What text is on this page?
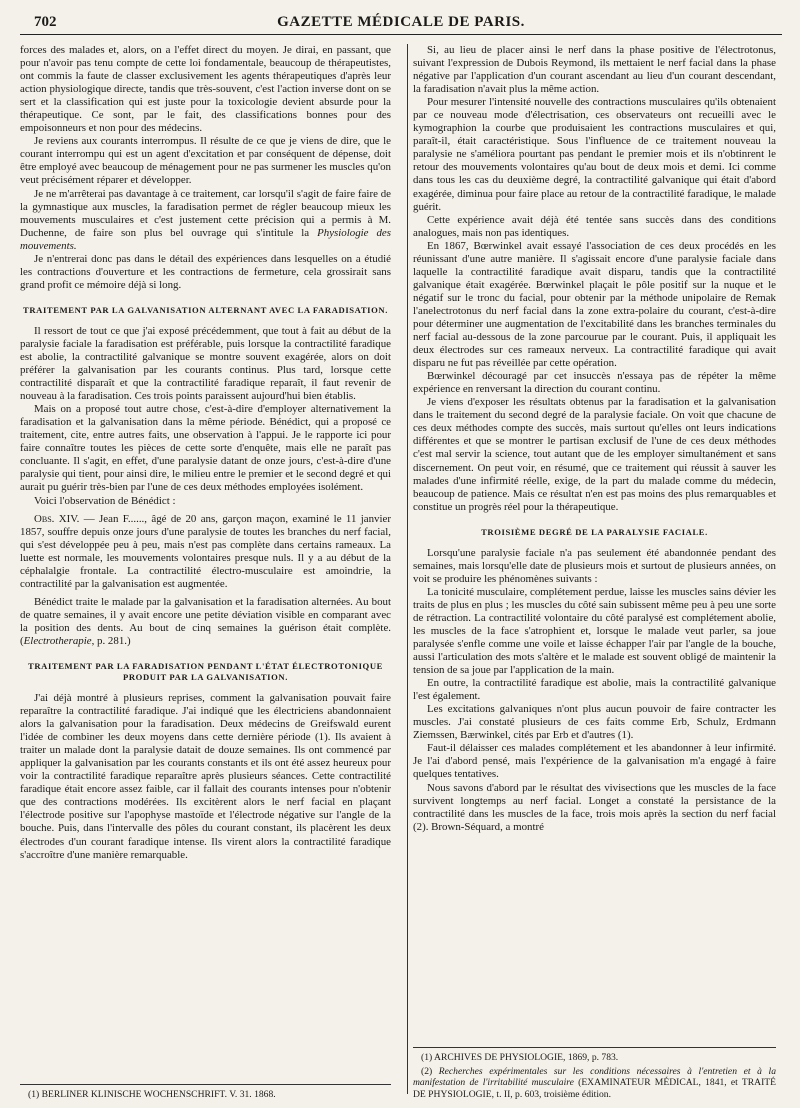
702	GAZETTE MÉDICALE DE PARIS.

forces des malades et, alors, on a l'effet direct du moyen. Je dirai, en passant, que pour n'avoir pas tenu compte de cette loi fondamentale, beaucoup de thérapeutistes, ont commis la faute de classer exclusivement les agents thérapeutiques d'après leur action physiologique directe, tandis que très-souvent, c'est l'action inverse dont on se sert et la classification qui est juste pour la toxicologie devient absurde pour la thérapeutique. Ce sont, par le fait, des classifications bonnes pour des empoisonneurs et non pour des médecins.

Je reviens aux courants interrompus. Il résulte de ce que je viens de dire, que le courant interrompu qui est un agent d'excitation et par conséquent de dépense, doit être employé avec beaucoup de ménagement pour ne pas surmener les muscles qu'on veut précisément réparer et développer.

Je ne m'arrêterai pas davantage à ce traitement, car lorsqu'il s'agit de faire faire de la gymnastique aux muscles, la faradisation permet de régler beaucoup mieux les mouvements musculaires et c'est justement cette précision qui a permis à M. Duchenne, de faire son plus bel ouvrage qui s'intitule la Physiologie des mouvements.

Je n'entrerai donc pas dans le détail des expériences dans lesquelles on a étudié les contractions d'ouverture et les contractions de fermeture, cela grossirait sans grand profit ce mémoire déjà si long.

TRAITEMENT PAR LA GALVANISATION ALTERNANT AVEC LA FARADISATION.

Il ressort de tout ce que j'ai exposé précédemment, que tout à fait au début de la paralysie faciale la faradisation est préférable, puis lorsque la contractilité faradique est abolie, la contractilité galvanique se montre souvent exagérée, alors on doit préférer la galvanisation par les courants continus. Plus tard, lorsque cette contractilité disparaît et que la contractilité faradique reparaît, il faut revenir de nouveau à la faradisation. Ces trois points paraissent aujourd'hui bien établis.

Mais on a proposé tout autre chose, c'est-à-dire d'employer alternativement la faradisation et la galvanisation dans la même période. Bénédict, qui a proposé ce traitement, cite, entre autres faits, une observation à l'appui. Je le rapporte ici pour faire connaître toutes les pièces de cette sorte d'enquête, mais elle ne paraît pas concluante. Il s'agit, en effet, d'une paralysie datant de onze jours, c'est-à-dire d'une paralysie qui tient, pour ainsi dire, le milieu entre le premier et le second degré et qui aurait pu guérir très-bien par l'une de ces deux méthodes employées isolément.

Voici l'observation de Bénédict :

Obs. XIV. — Jean F......, âgé de 20 ans, garçon maçon, examiné le 11 janvier 1857, souffre depuis onze jours d'une paralysie de toutes les branches du nerf facial, qui s'est développée peu à peu, mais n'est pas complète dans certains rameaux. La luette est normale, les mouvements volontaires presque nuls. Il y a au début de la céphalalgie frontale. La contractilité électro-musculaire est amoindrie, la contractilité par la galvanisation est augmentée.

Bénédict traite le malade par la galvanisation et la faradisation alternées. Au bout de quatre semaines, il y avait encore une petite déviation visible en comparant avec la position des dents. Au bout de cinq semaines la guérison était complète. (Electrotherapie, p. 281.)

TRAITEMENT PAR LA FARADISATION PENDANT L'ÉTAT ÉLECTROTONIQUE PRODUIT PAR LA GALVANISATION.

J'ai déjà montré à plusieurs reprises, comment la galvanisation pouvait faire reparaître la contractilité faradique. J'ai indiqué que les électriciens abandonnaient alors la galvanisation pour la faradisation. Deux médecins de Greifswald eurent l'idée de combiner les deux moyens dans cette dernière période (1). Ils avaient à traiter un malade dont la paralysie datait de douze semaines. Ils ont commencé par appliquer la galvanisation par les courants constants et ils ont été assez heureux pour voir la contractilité faradique reparaître après plusieurs séances. Cette contractilité faradique était encore assez faible, car il fallait des courants intenses pour n'obtenir que des contractions modérées. Ils excitèrent alors le nerf facial en plaçant l'électrode positive sur l'apophyse mastoïde et l'électrode négative sur l'angle de la bouche. Puis, dans l'intervalle des pôles du courant constant, ils placèrent les deux électrodes d'un courant faradique intense. Ils virent alors la contractilité faradique s'accroître d'une manière remarquable.

(1) BERLINER KLINISCHE WOCHENSCHRIFT. V. 31. 1868.

Si, au lieu de placer ainsi le nerf dans la phase positive de l'électrotonus, suivant l'expression de Dubois Reymond, ils mettaient le nerf facial dans la phase négative par l'application d'un courant ascendant au lieu d'un courant descendant, la faradisation n'avait plus la même action.

Pour mesurer l'intensité nouvelle des contractions musculaires qu'ils obtenaient par ce nouveau mode d'électrisation, ces observateurs ont recueilli avec le kymographion la courbe que produisaient les contractions musculaires et qui, paraît-il, était caractéristique. Sous l'influence de ce traitement nouveau la paralysie ne s'améliora pourtant pas pendant le premier mois et ils n'obtinrent le retour des mouvements volontaires qu'au bout de deux mois et demi. Ici comme dans tous les cas du deuxième degré, la contractilité galvanique qui était d'abord exagérée, diminua pour faire place au retour de la contractilité faradique, le malade guérit.

Cette expérience avait déjà été tentée sans succès dans des conditions analogues, mais non pas identiques.

En 1867, Bœrwinkel avait essayé l'association de ces deux procédés en les réunissant d'une autre manière. Il s'agissait encore d'une paralysie faciale dans laquelle la contractilité faradique avait disparu, tandis que la contractilité galvanique était exagérée. Bœrwinkel plaçait le pôle positif sur la nuque et le négatif sur le tronc du facial, pour obtenir par la méthode unipolaire de Remak l'anelectrotonus du nerf facial dans la zone extra-polaire du courant, c'est-à-dire pour déterminer une augmentation de l'excitabilité dans les branches terminales du nerf facial au-dessous de la zone parcourue par le courant. Puis, il appliquait les deux électrodes sur ces rameaux nerveux. La contractilité faradique qui avait disparu ne fut pas réveillée par cette opération.

Bœrwinkel découragé par cet insuccès n'essaya pas de répéter la même expérience en renversant la direction du courant continu.

Je viens d'exposer les résultats obtenus par la faradisation et la galvanisation dans le traitement du second degré de la paralysie faciale. On voit que chacune de ces deux méthodes compte des succès, mais surtout qu'elles ont leurs indications différentes et que se montrer le partisan exclusif de l'une de ces deux méthodes c'est mal servir la science, tout autant que de les employer simultanément et sans discernement. On peut voir, en résumé, que ce traitement qui réussit à sauver les malades d'une infirmité réelle, exige, de la part du malade comme du médecin, beaucoup de patience. Mais ce résultat n'en est pas moins des plus remarquables et constitue un progrès réel pour la thérapeutique.

TROISIÈME DEGRÉ DE LA PARALYSIE FACIALE.

Lorsqu'une paralysie faciale n'a pas seulement été abandonnée pendant des semaines, mais lorsqu'elle date de plusieurs mois et surtout de plusieurs années, on voit se produire les phénomènes suivants :

La tonicité musculaire, complétement perdue, laisse les muscles sains dévier les traits de plus en plus ; les muscles du côté sain subissent même peu à peu une sorte de rétraction. La contractilité volontaire du côté paralysé est complétement abolie, les muscles de la face s'atrophient et, lorsque le malade veut parler, sa joue paralysée s'enfle comme une voile et laisse échapper l'air par l'angle de la bouche, aussi l'articulation des mots s'altère et le malade est souvent obligé de maintenir la tension de sa joue par l'application de la main.

En outre, la contractilité faradique est abolie, mais la contractilité galvanique l'est également.

Les excitations galvaniques n'ont plus aucun pouvoir de faire contracter les muscles. J'ai constaté plusieurs de ces faits comme Erb, Schulz, Erdmann Ziemssen, Bærwinkel, cités par Erb et d'autres (1).

Faut-il délaisser ces malades complétement et les abandonner à leur infirmité. Je l'ai d'abord pensé, mais l'expérience de la galvanisation m'a engagé à faire quelques tentatives.

Nous savons d'abord par le résultat des vivisections que les muscles de la face survivent longtemps au nerf facial. Longet a constaté la persistance de la contractilité dans les muscles de la face, trois mois après la section du nerf facial (2). Brown-Séquard, a montré

(1) ARCHIVES DE PHYSIOLOGIE, 1869, p. 783.

(2) Recherches expérimentales sur les conditions nécessaires à l'entretien et à la manifestation de l'irritabilité musculaire (EXAMINATEUR MÉDICAL, 1841, et TRAITÉ DE PHYSIOLOGIE, t. II, p. 603, troisième édition.
